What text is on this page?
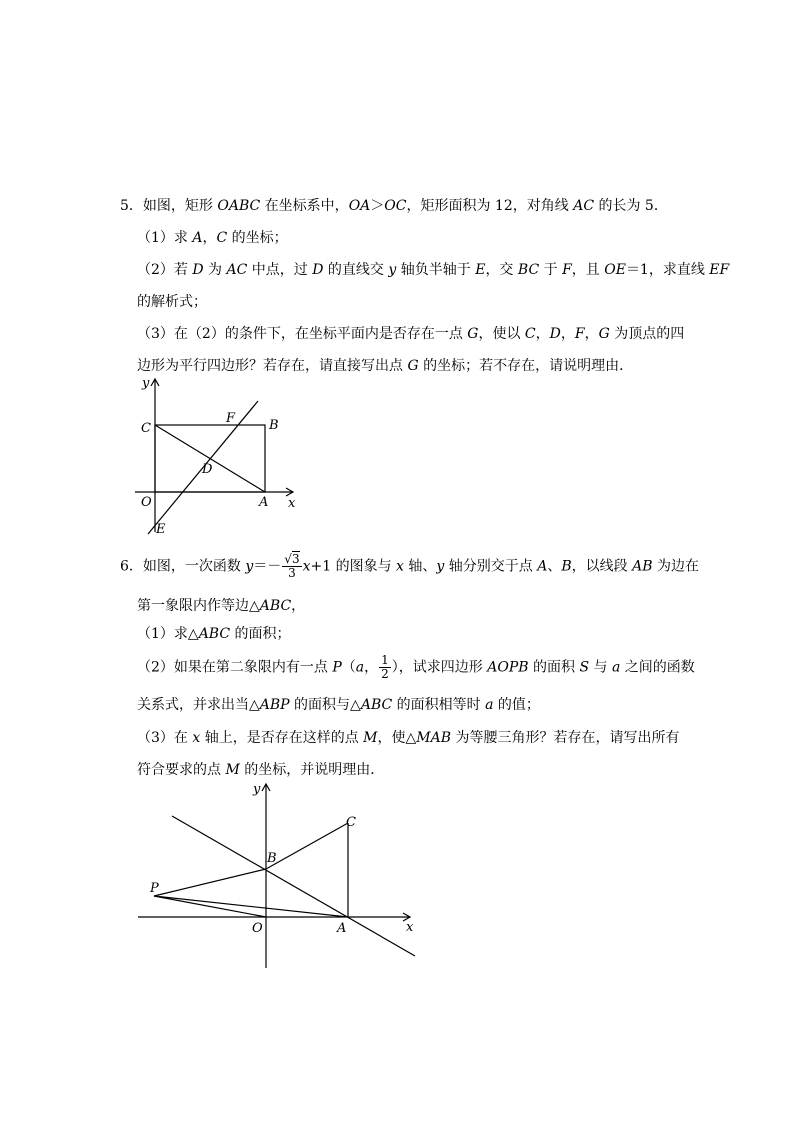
5．如图，矩形 OABC 在坐标系中，OA＞OC，矩形面积为 12，对角线 AC 的长为 5．
（1）求 A，C 的坐标；
（2）若 D 为 AC 中点，过 D 的直线交 y 轴负半轴于 E，交 BC 于 F，且 OE＝1，求直线 EF
的解析式；
（3）在（2）的条件下，在坐标平面内是否存在一点 G，使以 C，D，F，G 为顶点的四
边形为平行四边形？若存在，请直接写出点 G 的坐标；若不存在，请说明理由．
y
x
C
F	B
D
O	A
E
6．如图，一次函数 $y=- \frac{√3}{3} x+1$ 的图象与 x 轴、y 轴分别交于点 A、B，以线段 AB 为边在
第一象限内作等边△ABC，
（1）求△ABC 的面积；
（2）如果在第二象限内有一点 P（a， $\frac{1}{2}$ ），试求四边形 AOPB 的面积 S 与 a 之间的函数
关系式，并求出当△ABP 的面积与△ABC 的面积相等时 a 的值；
（3）在 x 轴上，是否存在这样的点 M，使△MAB 为等腰三角形？若存在，请写出所有
符合要求的点 M 的坐标，并说明理由．
y
x
C
B
P
O	A
